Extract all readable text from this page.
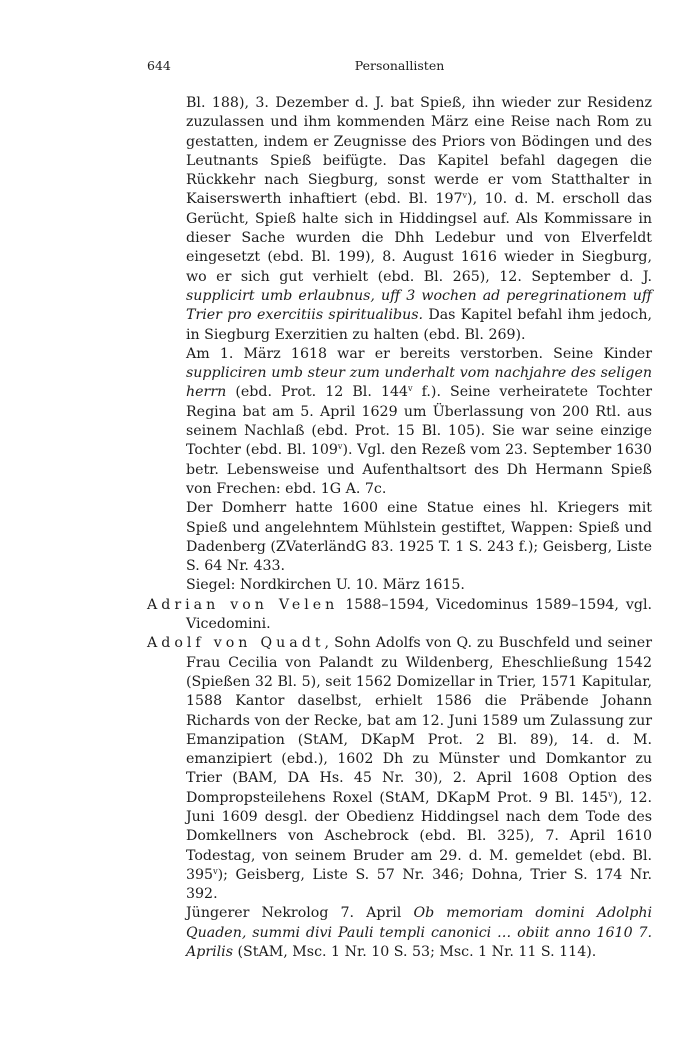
644	Personallisten

Bl. 188), 3. Dezember d. J. bat Spieß, ihn wieder zur Residenz zuzulassen und ihm kommenden März eine Reise nach Rom zu gestatten, indem er Zeugnisse des Priors von Bödingen und des Leutnants Spieß beifügte. Das Kapitel befahl dagegen die Rückkehr nach Siegburg, sonst werde er vom Statthalter in Kaiserswerth inhaftiert (ebd. Bl. 197$^v$), 10. d. M. erscholl das Gerücht, Spieß halte sich in Hiddingsel auf. Als Kommissare in dieser Sache wurden die Dhh Ledebur und von Elverfeldt eingesetzt (ebd. Bl. 199), 8. August 1616 wieder in Siegburg, wo er sich gut verhielt (ebd. Bl. 265), 12. September d. J. supplicirt umb erlaubnus, uff 3 wochen ad peregrinationem uff Trier pro exercitiis spiritualibus. Das Kapitel befahl ihm jedoch, in Siegburg Exerzitien zu halten (ebd. Bl. 269).

Am 1. März 1618 war er bereits verstorben. Seine Kinder suppliciren umb steur zum underhalt vom nachjahre des seligen herrn (ebd. Prot. 12 Bl. 144$^v$ f.). Seine verheiratete Tochter Regina bat am 5. April 1629 um Überlassung von 200 Rtl. aus seinem Nachlaß (ebd. Prot. 15 Bl. 105). Sie war seine einzige Tochter (ebd. Bl. 109$^v$). Vgl. den Rezeß vom 23. September 1630 betr. Lebensweise und Aufenthaltsort des Dh Hermann Spieß von Frechen: ebd. 1G A. 7c.

Der Domherr hatte 1600 eine Statue eines hl. Kriegers mit Spieß und angelehntem Mühlstein gestiftet, Wappen: Spieß und Dadenberg (ZVaterländG 83. 1925 T. 1 S. 243 f.); Geisberg, Liste S. 64 Nr. 433.

Siegel: Nordkirchen U. 10. März 1615.

Adrian von Velen 1588–1594, Vicedominus 1589–1594, vgl. Vicedomini.

Adolf von Quadt, Sohn Adolfs von Q. zu Buschfeld und seiner Frau Cecilia von Palandt zu Wildenberg, Eheschließung 1542 (Spießen 32 Bl. 5), seit 1562 Domizellar in Trier, 1571 Kapitular, 1588 Kantor daselbst, erhielt 1586 die Präbende Johann Richards von der Recke, bat am 12. Juni 1589 um Zulassung zur Emanzipation (StAM, DKapM Prot. 2 Bl. 89), 14. d. M. emanzipiert (ebd.), 1602 Dh zu Münster und Domkantor zu Trier (BAM, DA Hs. 45 Nr. 30), 2. April 1608 Option des Dompropsteilehens Roxel (StAM, DKapM Prot. 9 Bl. 145$^v$), 12. Juni 1609 desgl. der Obedienz Hiddingsel nach dem Tode des Domkellners von Aschebrock (ebd. Bl. 325), 7. April 1610 Todestag, von seinem Bruder am 29. d. M. gemeldet (ebd. Bl. 395$^v$); Geisberg, Liste S. 57 Nr. 346; Dohna, Trier S. 174 Nr. 392.

Jüngerer Nekrolog 7. April Ob memoriam domini Adolphi Quaden, summi divi Pauli templi canonici … obiit anno 1610 7. Aprilis (StAM, Msc. 1 Nr. 10 S. 53; Msc. 1 Nr. 11 S. 114).
